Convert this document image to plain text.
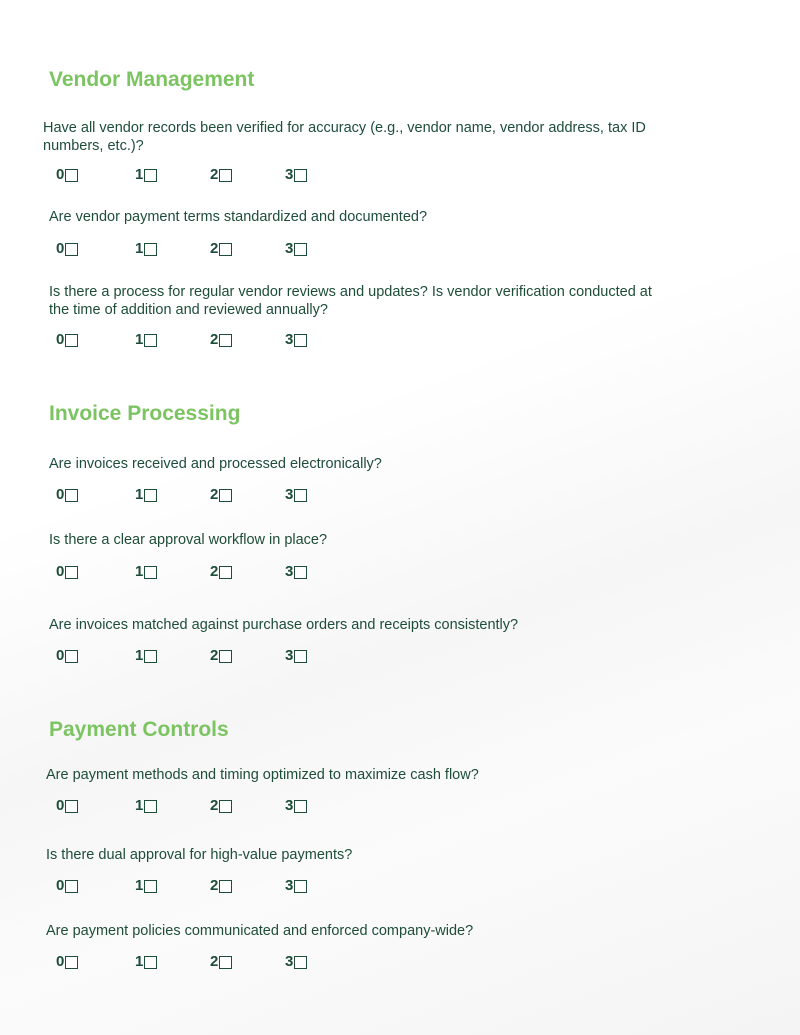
Vendor Management

Have all vendor records been verified for accuracy (e.g., vendor name, vendor address, tax ID numbers, etc.)?

0	1	2	3

Are vendor payment terms standardized and documented?

0	1	2	3

Is there a process for regular vendor reviews and updates? Is vendor verification conducted at the time of addition and reviewed annually?

0	1	2	3
Invoice Processing

Are invoices received and processed electronically?

0	1	2	3

Is there a clear approval workflow in place?

0	1	2	3

Are invoices matched against purchase orders and receipts consistently?

0	1	2	3
Payment Controls

Are payment methods and timing optimized to maximize cash flow?

0	1	2	3

Is there dual approval for high-value payments?

0	1	2	3

Are payment policies communicated and enforced company-wide?

0	1	2	3
